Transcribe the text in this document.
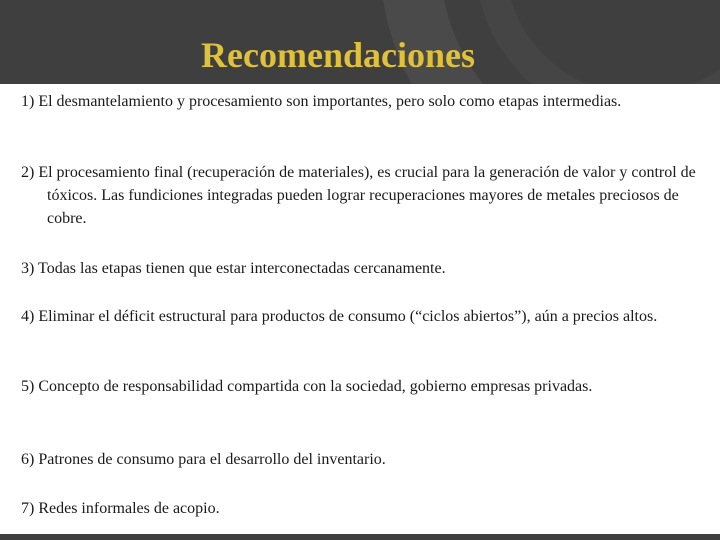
Recomendaciones

1) El desmantelamiento y procesamiento son importantes, pero solo como etapas intermedias.

2) El procesamiento final (recuperación de materiales), es crucial para la generación de valor y control de tóxicos. Las fundiciones integradas pueden lograr recuperaciones mayores de metales preciosos de cobre.

3) Todas las etapas tienen que estar interconectadas cercanamente.

4) Eliminar el déficit estructural para productos de consumo (“ciclos abiertos”), aún a precios altos.

5) Concepto de responsabilidad compartida con la sociedad, gobierno empresas privadas.

6) Patrones de consumo para el desarrollo del inventario.

7) Redes informales de acopio.
